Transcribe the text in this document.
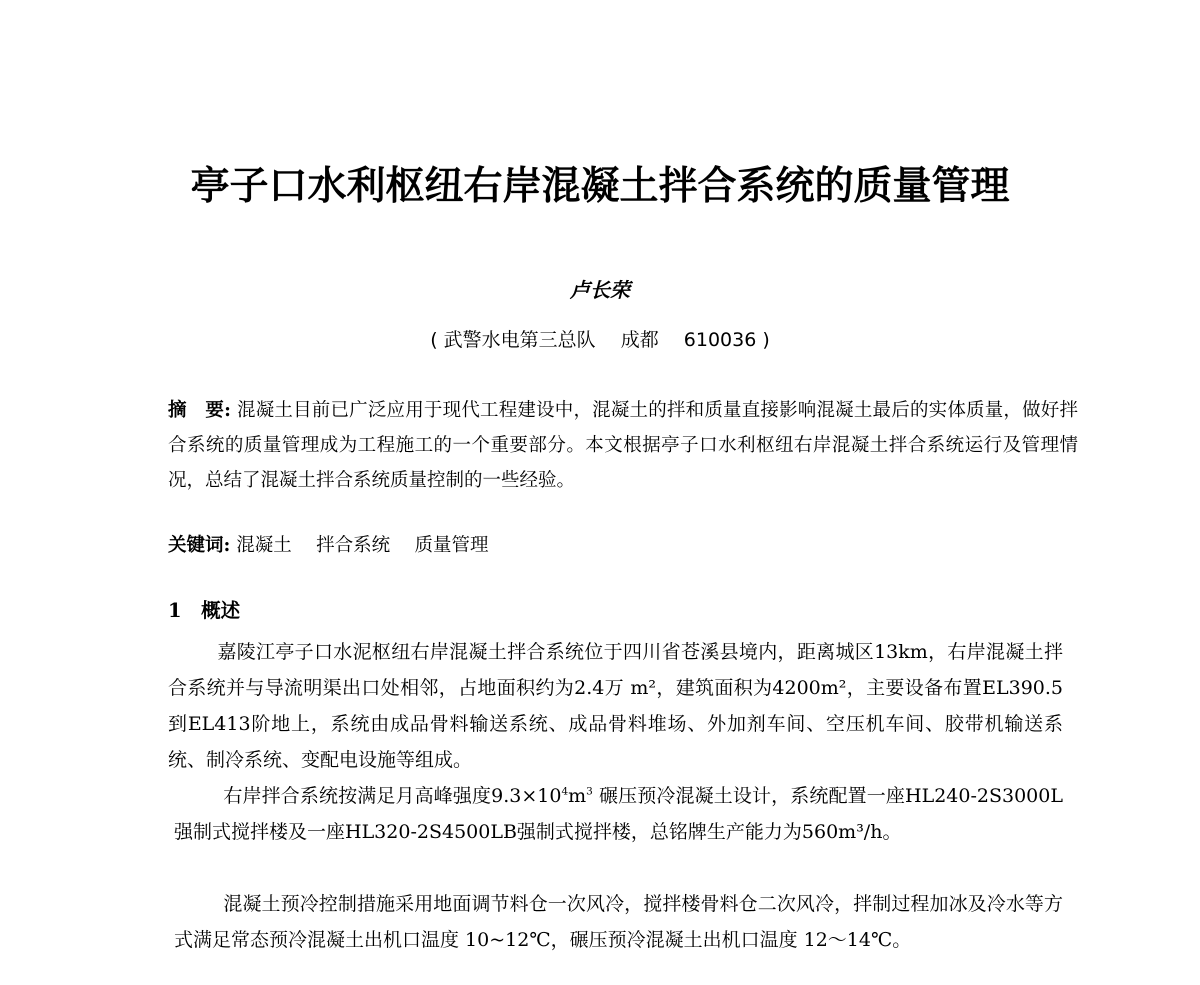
亭子口水利枢纽右岸混凝土拌合系统的质量管理
卢长荣
( 武警水电第三总队　 成都　 610036 )
摘　要: 混凝土目前已广泛应用于现代工程建设中，混凝土的拌和质量直接影响混凝土最后的实体质量，做好拌合系统的质量管理成为工程施工的一个重要部分。本文根据亭子口水利枢纽右岸混凝土拌合系统运行及管理情况，总结了混凝土拌合系统质量控制的一些经验。
关键词: 混凝土　 拌合系统　 质量管理
1　概述

嘉陵江亭子口水泥枢纽右岸混凝土拌合系统位于四川省苍溪县境内，距离城区13km，右岸混凝土拌合系统并与导流明渠出口处相邻，占地面积约为2.4万 m²，建筑面积为4200m²，主要设备布置EL390.5到EL413阶地上，系统由成品骨料输送系统、成品骨料堆场、外加剂车间、空压机车间、胶带机输送系统、制冷系统、变配电设施等组成。

右岸拌合系统按满足月高峰强度$9.3\times 10^4m^3$ 碾压预冷混凝土设计，系统配置一座HL240-2S3000L强制式搅拌楼及一座HL320-2S4500LB强制式搅拌楼，总铭牌生产能力为560m³/h。

混凝土预冷控制措施采用地面调节料仓一次风冷，搅拌楼骨料仓二次风冷，拌制过程加冰及冷水等方式满足常态预冷混凝土出机口温度 10~12℃，碾压预冷混凝土出机口温度 12～14℃。
